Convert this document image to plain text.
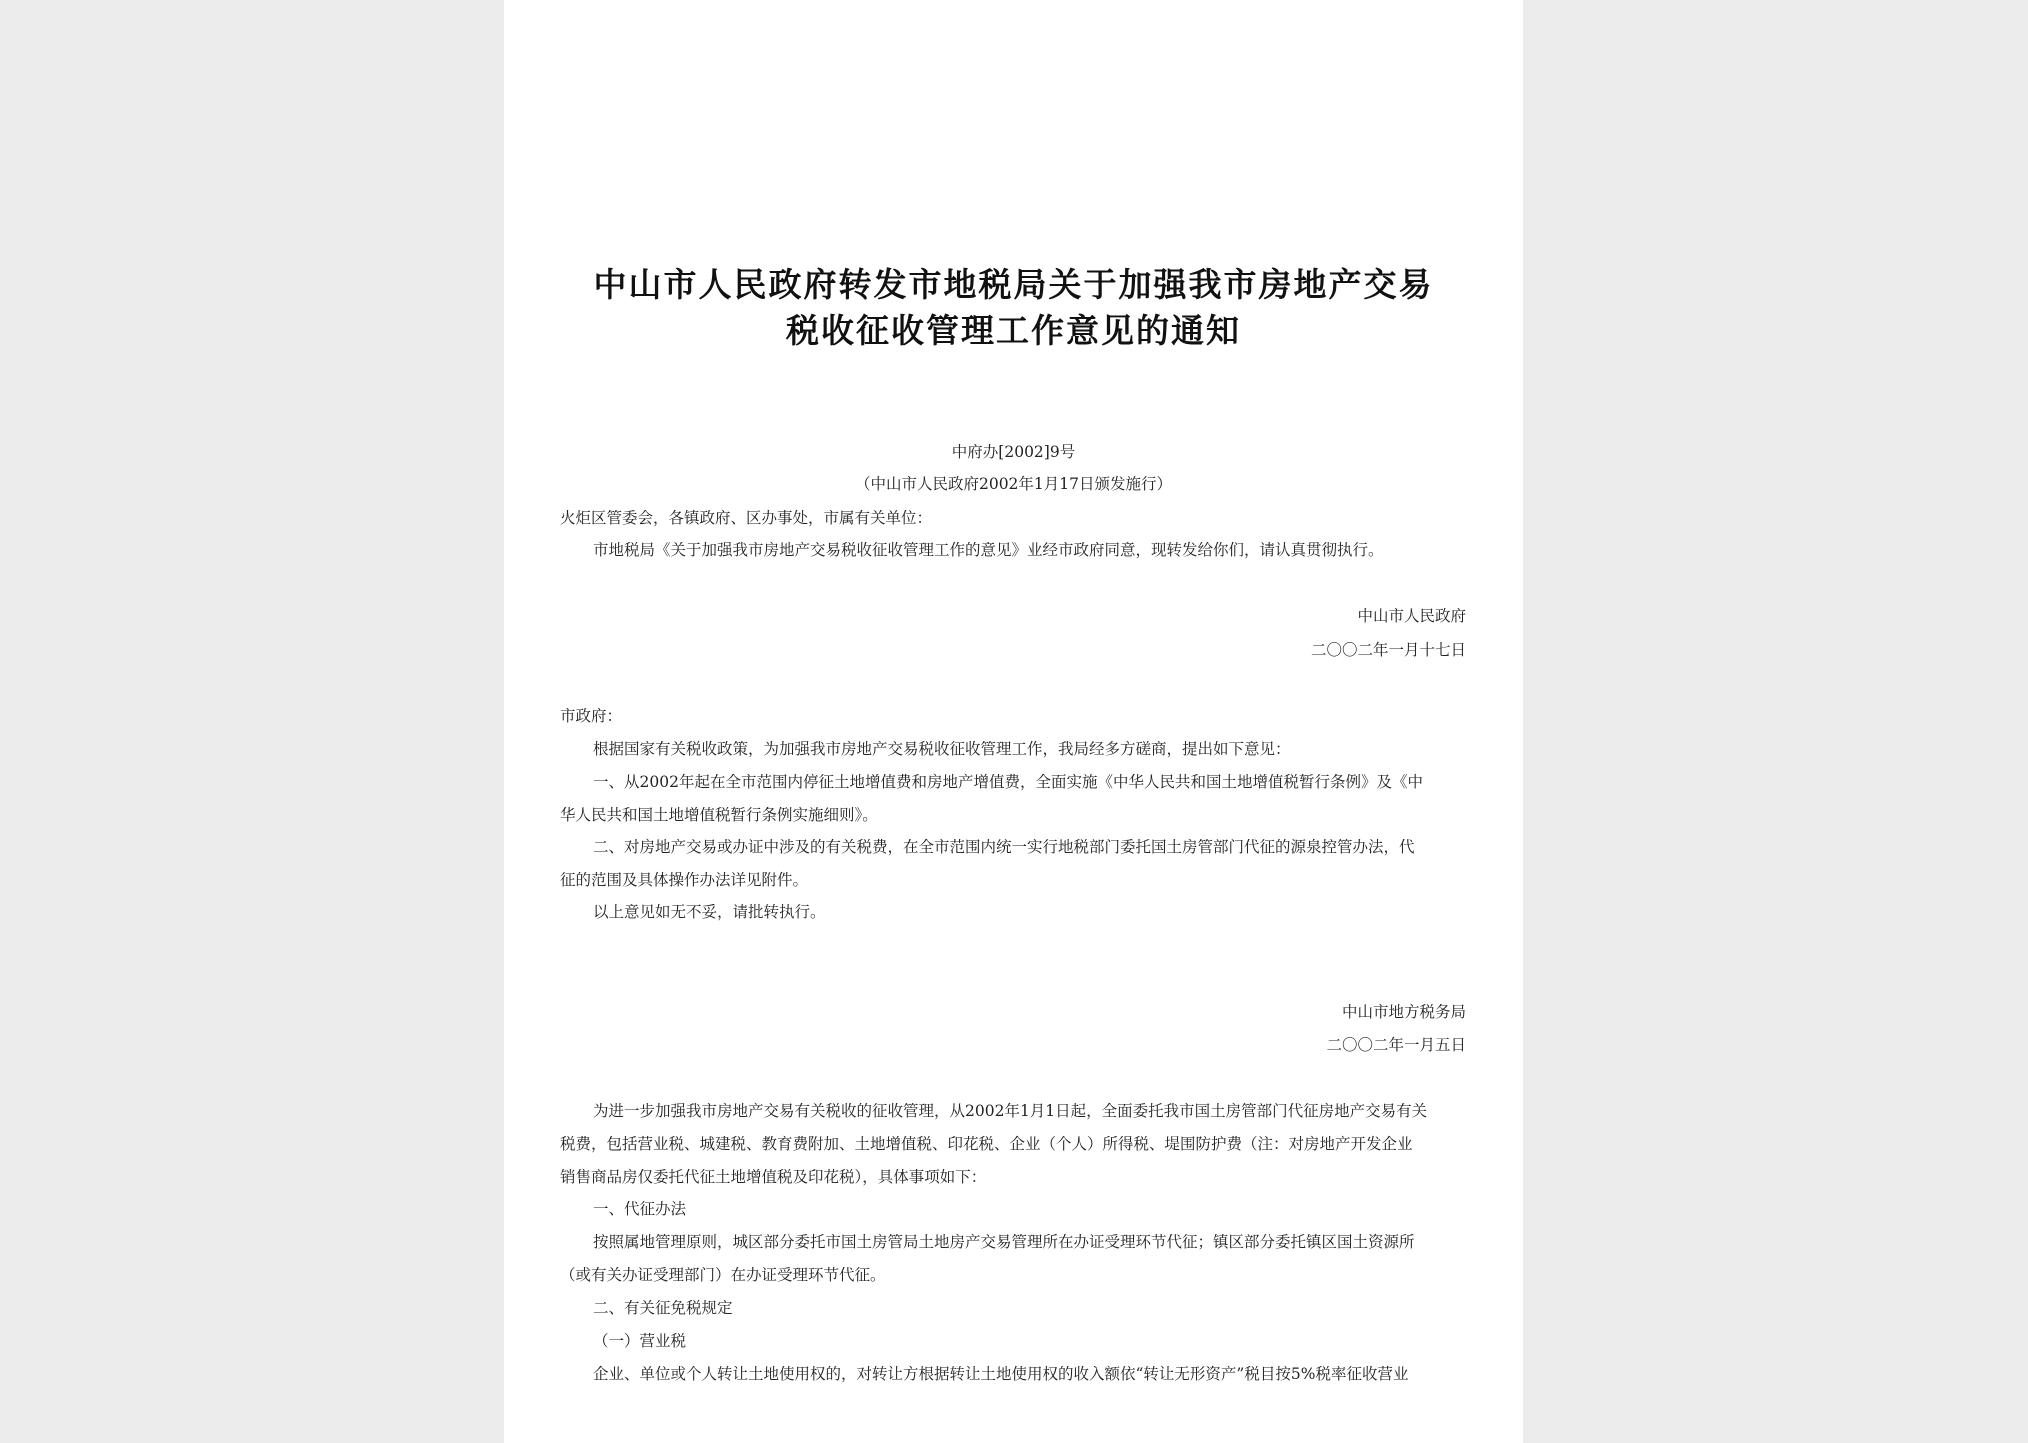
中山市人民政府转发市地税局关于加强我市房地产交易
税收征收管理工作意见的通知
中府办[2002]9号
（中山市人民政府2002年1月17日颁发施行）
火炬区管委会，各镇政府、区办事处，市属有关单位：
市地税局《关于加强我市房地产交易税收征收管理工作的意见》业经市政府同意，现转发给你们，请认真贯彻执行。
中山市人民政府
二〇〇二年一月十七日
市政府：
根据国家有关税收政策，为加强我市房地产交易税收征收管理工作，我局经多方磋商，提出如下意见：
一、从2002年起在全市范围内停征土地增值费和房地产增值费，全面实施《中华人民共和国土地增值税暂行条例》及《中
华人民共和国土地增值税暂行条例实施细则》。
二、对房地产交易或办证中涉及的有关税费，在全市范围内统一实行地税部门委托国土房管部门代征的源泉控管办法，代
征的范围及具体操作办法详见附件。
以上意见如无不妥，请批转执行。
中山市地方税务局
二〇〇二年一月五日
为进一步加强我市房地产交易有关税收的征收管理，从2002年1月1日起，全面委托我市国土房管部门代征房地产交易有关
税费，包括营业税、城建税、教育费附加、土地增值税、印花税、企业（个人）所得税、堤围防护费（注：对房地产开发企业
销售商品房仅委托代征土地增值税及印花税），具体事项如下：
一、代征办法
按照属地管理原则，城区部分委托市国土房管局土地房产交易管理所在办证受理环节代征；镇区部分委托镇区国土资源所
（或有关办证受理部门）在办证受理环节代征。
二、有关征免税规定
（一）营业税
企业、单位或个人转让土地使用权的，对转让方根据转让土地使用权的收入额依“转让无形资产”税目按5%税率征收营业
